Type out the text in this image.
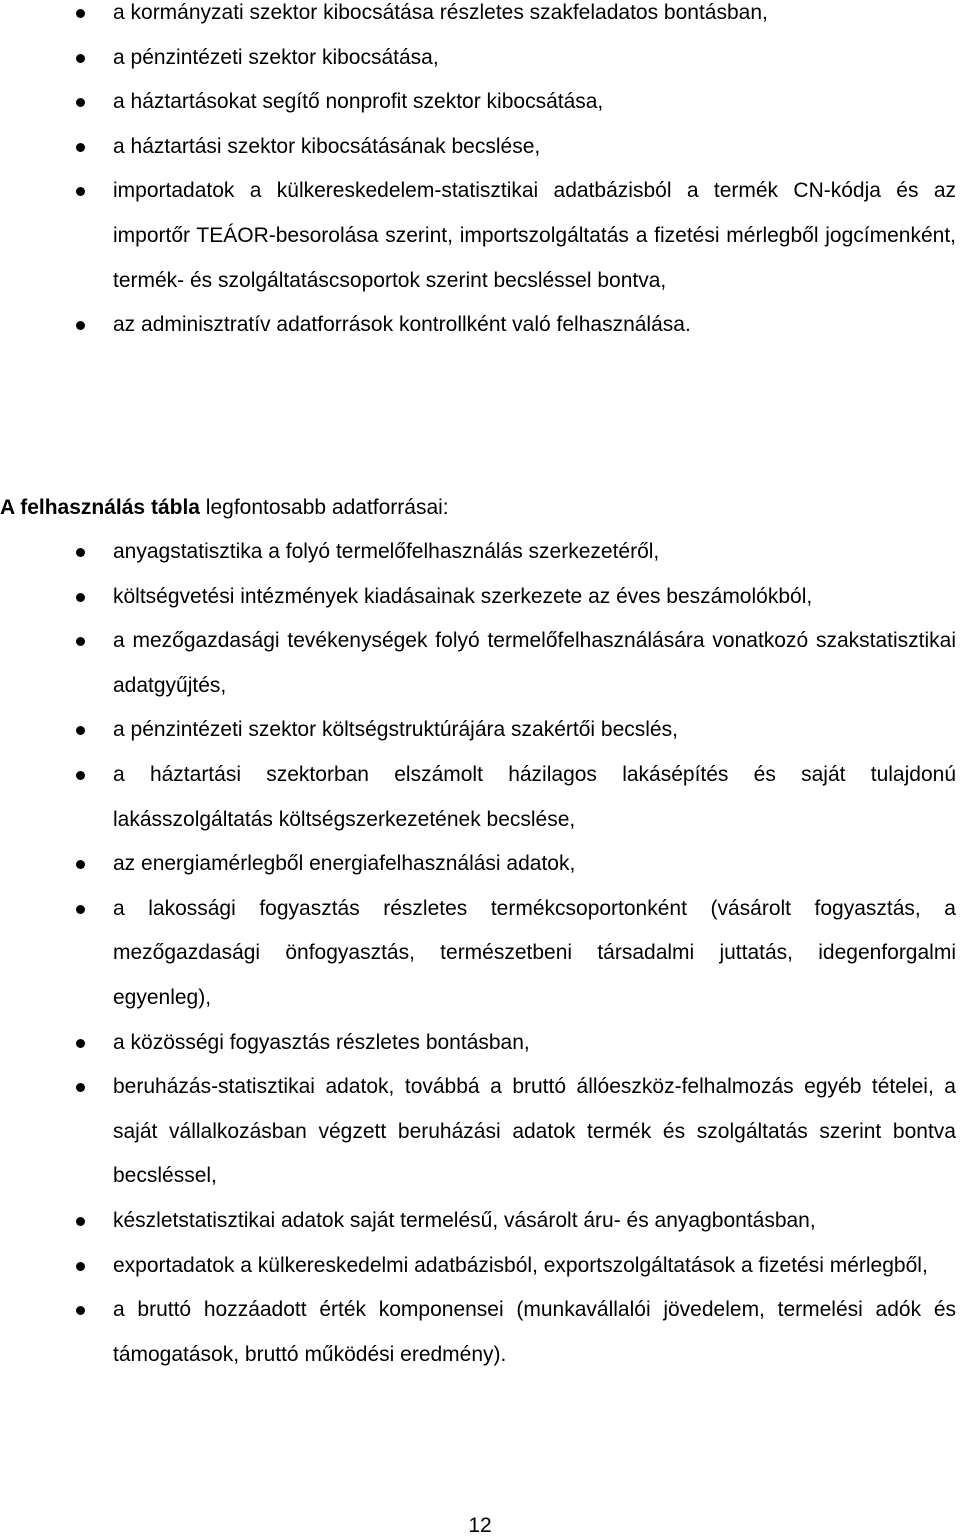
a kormányzati szektor kibocsátása részletes szakfeladatos bontásban,
a pénzintézeti szektor kibocsátása,
a háztartásokat segítő nonprofit szektor kibocsátása,
a háztartási szektor kibocsátásának becslése,
importadatok a külkereskedelem-statisztikai adatbázisból a termék CN-kódja és az importőr TEÁOR-besorolása szerint, importszolgáltatás a fizetési mérlegből jogcímenként, termék- és szolgáltatáscsoportok szerint becsléssel bontva,
az adminisztratív adatforrások kontrollként való felhasználása.
A felhasználás tábla legfontosabb adatforrásai:
anyagstatisztika a folyó termelőfelhasználás szerkezetéről,
költségvetési intézmények kiadásainak szerkezete az éves beszámolókból,
a mezőgazdasági tevékenységek folyó termelőfelhasználására vonatkozó szakstatisztikai adatgyűjtés,
a pénzintézeti szektor költségstruktúrájára szakértői becslés,
a háztartási szektorban elszámolt házilagos lakásépítés és saját tulajdonú lakásszolgáltatás költségszerkezetének becslése,
az energiamérlegből energiafelhasználási adatok,
a lakossági fogyasztás részletes termékcsoportonként (vásárolt fogyasztás, a mezőgazdasági önfogyasztás, természetbeni társadalmi juttatás, idegenforgalmi egyenleg),
a közösségi fogyasztás részletes bontásban,
beruházás-statisztikai adatok, továbbá a bruttó állóeszköz-felhalmozás egyéb tételei, a saját vállalkozásban végzett beruházási adatok termék és szolgáltatás szerint bontva becsléssel,
készletstatisztikai adatok saját termelésű, vásárolt áru- és anyagbontásban,
exportadatok a külkereskedelmi adatbázisból, exportszolgáltatások a fizetési mérlegből,
a bruttó hozzáadott érték komponensei (munkavállalói jövedelem, termelési adók és támogatások, bruttó működési eredmény).
12
